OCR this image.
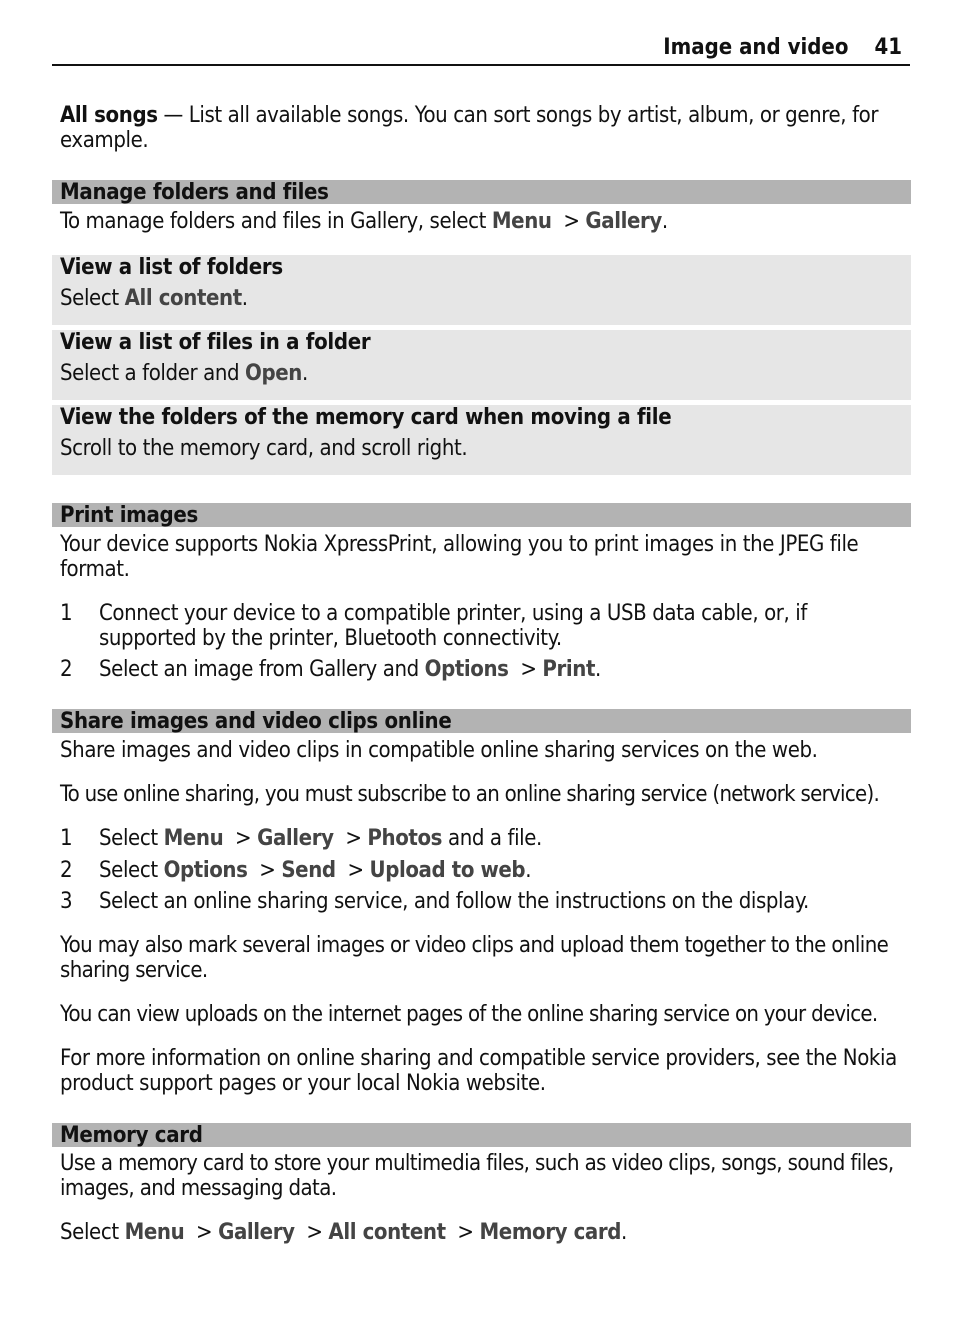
Image and video 41

All songs — List all available songs. You can sort songs by artist, album, or genre, for example.

Manage folders and files

To manage folders and files in Gallery, select Menu  > Gallery.

View a list of folders
Select All content.
View a list of files in a folder
Select a folder and Open.
View the folders of the memory card when moving a file
Scroll to the memory card, and scroll right.
Print images

Your device supports Nokia XpressPrint, allowing you to print images in the JPEG file format.

1 Connect your device to a compatible printer, using a USB data cable, or, if supported by the printer, Bluetooth connectivity.
2 Select an image from Gallery and Options  > Print.
Share images and video clips online

Share images and video clips in compatible online sharing services on the web.

To use online sharing, you must subscribe to an online sharing service (network service).

1 Select Menu  > Gallery  > Photos and a file.
2 Select Options  > Send  > Upload to web.
3 Select an online sharing service, and follow the instructions on the display.

You may also mark several images or video clips and upload them together to the online sharing service.

You can view uploads on the internet pages of the online sharing service on your device.

For more information on online sharing and compatible service providers, see the Nokia product support pages or your local Nokia website.

Memory card

Use a memory card to store your multimedia files, such as video clips, songs, sound files, images, and messaging data.

Select Menu  > Gallery  > All content  > Memory card.
